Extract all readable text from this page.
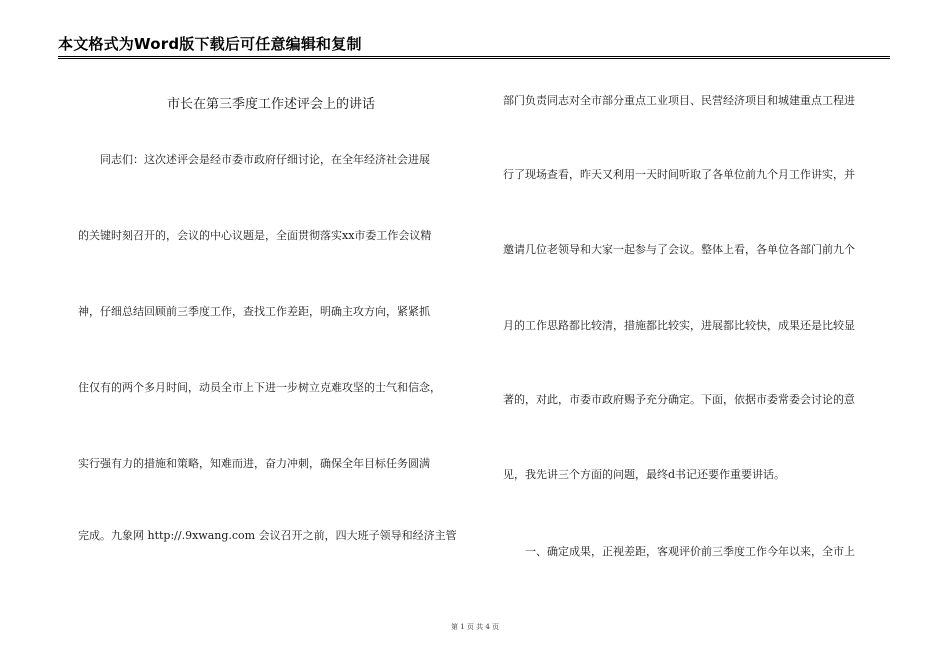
本文格式为Word版下载后可任意编辑和复制
市长在第三季度工作述评会上的讲话
　　同志们：这次述评会是经市委市政府仔细讨论，在全年经济社会进展
的关键时刻召开的，会议的中心议题是，全面贯彻落实xx市委工作会议精
神，仔细总结回顾前三季度工作，查找工作差距，明确主攻方向，紧紧抓
住仅有的两个多月时间，动员全市上下进一步树立克难攻坚的士气和信念，
实行强有力的措施和策略，知难而进，奋力冲刺，确保全年目标任务圆满
完成。九象网 http://.9xwang.com 会议召开之前，四大班子领导和经济主管
部门负责同志对全市部分重点工业项目、民营经济项目和城建重点工程进
行了现场查看，昨天又利用一天时间听取了各单位前九个月工作讲实，并
邀请几位老领导和大家一起参与了会议。整体上看，各单位各部门前九个
月的工作思路都比较清，措施都比较实，进展都比较快，成果还是比较显
著的，对此，市委市政府赐予充分确定。下面，依据市委常委会讨论的意
见，我先讲三个方面的问题，最终d书记还要作重要讲话。
　　一、确定成果，正视差距，客观评价前三季度工作今年以来，全市上
第 1 页 共 4 页
